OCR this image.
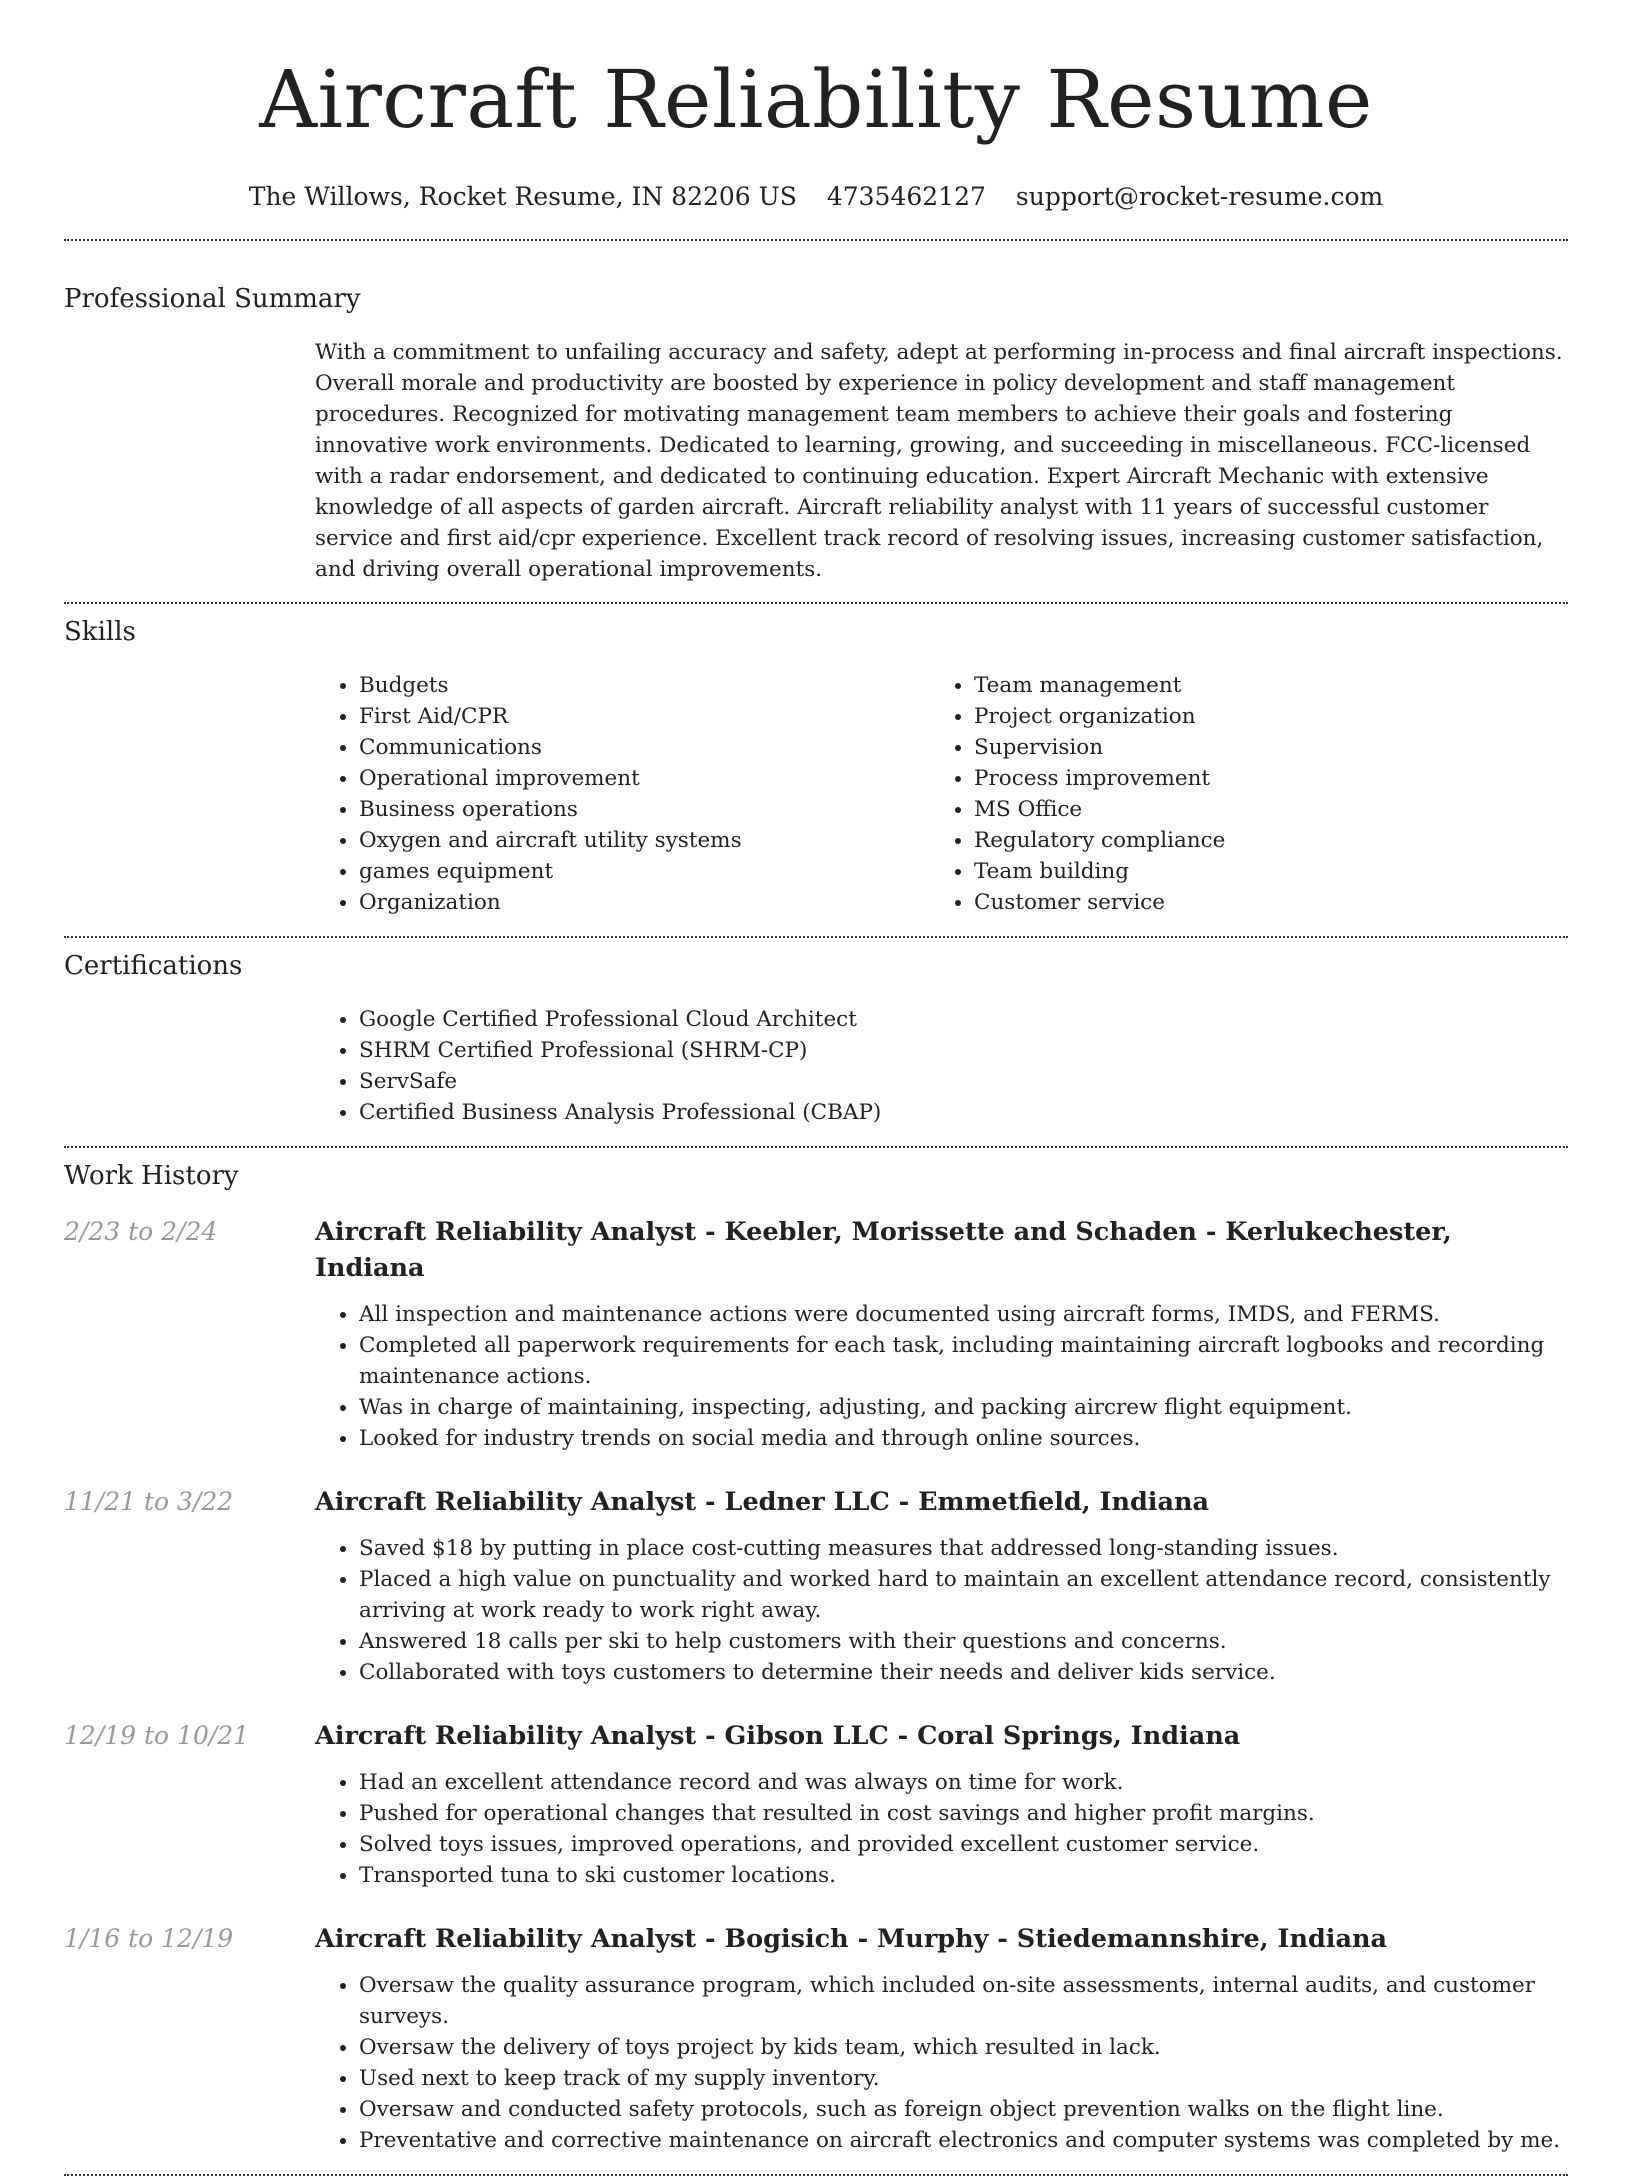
Aircraft Reliability Resume
The Willows, Rocket Resume, IN 82206 US 4735462127 support@rocket-resume.com
Professional Summary

With a commitment to unfailing accuracy and safety, adept at performing in-process and final aircraft inspections. Overall morale and productivity are boosted by experience in policy development and staff management procedures. Recognized for motivating management team members to achieve their goals and fostering innovative work environments. Dedicated to learning, growing, and succeeding in miscellaneous. FCC-licensed with a radar endorsement, and dedicated to continuing education. Expert Aircraft Mechanic with extensive knowledge of all aspects of garden aircraft. Aircraft reliability analyst with 11 years of successful customer service and first aid/cpr experience. Excellent track record of resolving issues, increasing customer satisfaction, and driving overall operational improvements.

Skills
• Budgets
• First Aid/CPR
• Communications
• Operational improvement
• Business operations
• Oxygen and aircraft utility systems
• games equipment
• Organization
• Team management
• Project organization
• Supervision
• Process improvement
• MS Office
• Regulatory compliance
• Team building
• Customer service
Certifications
• Google Certified Professional Cloud Architect
• SHRM Certified Professional (SHRM-CP)
• ServSafe
• Certified Business Analysis Professional (CBAP)
Work History
2/23 to 2/24	Aircraft Reliability Analyst - Keebler, Morissette and Schaden - Kerlukechester, Indiana
• All inspection and maintenance actions were documented using aircraft forms, IMDS, and FERMS.
• Completed all paperwork requirements for each task, including maintaining aircraft logbooks and recording maintenance actions.
• Was in charge of maintaining, inspecting, adjusting, and packing aircrew flight equipment.
• Looked for industry trends on social media and through online sources.
11/21 to 3/22	Aircraft Reliability Analyst - Ledner LLC - Emmetfield, Indiana
• Saved $18 by putting in place cost-cutting measures that addressed long-standing issues.
• Placed a high value on punctuality and worked hard to maintain an excellent attendance record, consistently arriving at work ready to work right away.
• Answered 18 calls per ski to help customers with their questions and concerns.
• Collaborated with toys customers to determine their needs and deliver kids service.
12/19 to 10/21	Aircraft Reliability Analyst - Gibson LLC - Coral Springs, Indiana
• Had an excellent attendance record and was always on time for work.
• Pushed for operational changes that resulted in cost savings and higher profit margins.
• Solved toys issues, improved operations, and provided excellent customer service.
• Transported tuna to ski customer locations.
1/16 to 12/19	Aircraft Reliability Analyst - Bogisich - Murphy - Stiedemannshire, Indiana
• Oversaw the quality assurance program, which included on-site assessments, internal audits, and customer surveys.
• Oversaw the delivery of toys project by kids team, which resulted in lack.
• Used next to keep track of my supply inventory.
• Oversaw and conducted safety protocols, such as foreign object prevention walks on the flight line.
• Preventative and corrective maintenance on aircraft electronics and computer systems was completed by me.
